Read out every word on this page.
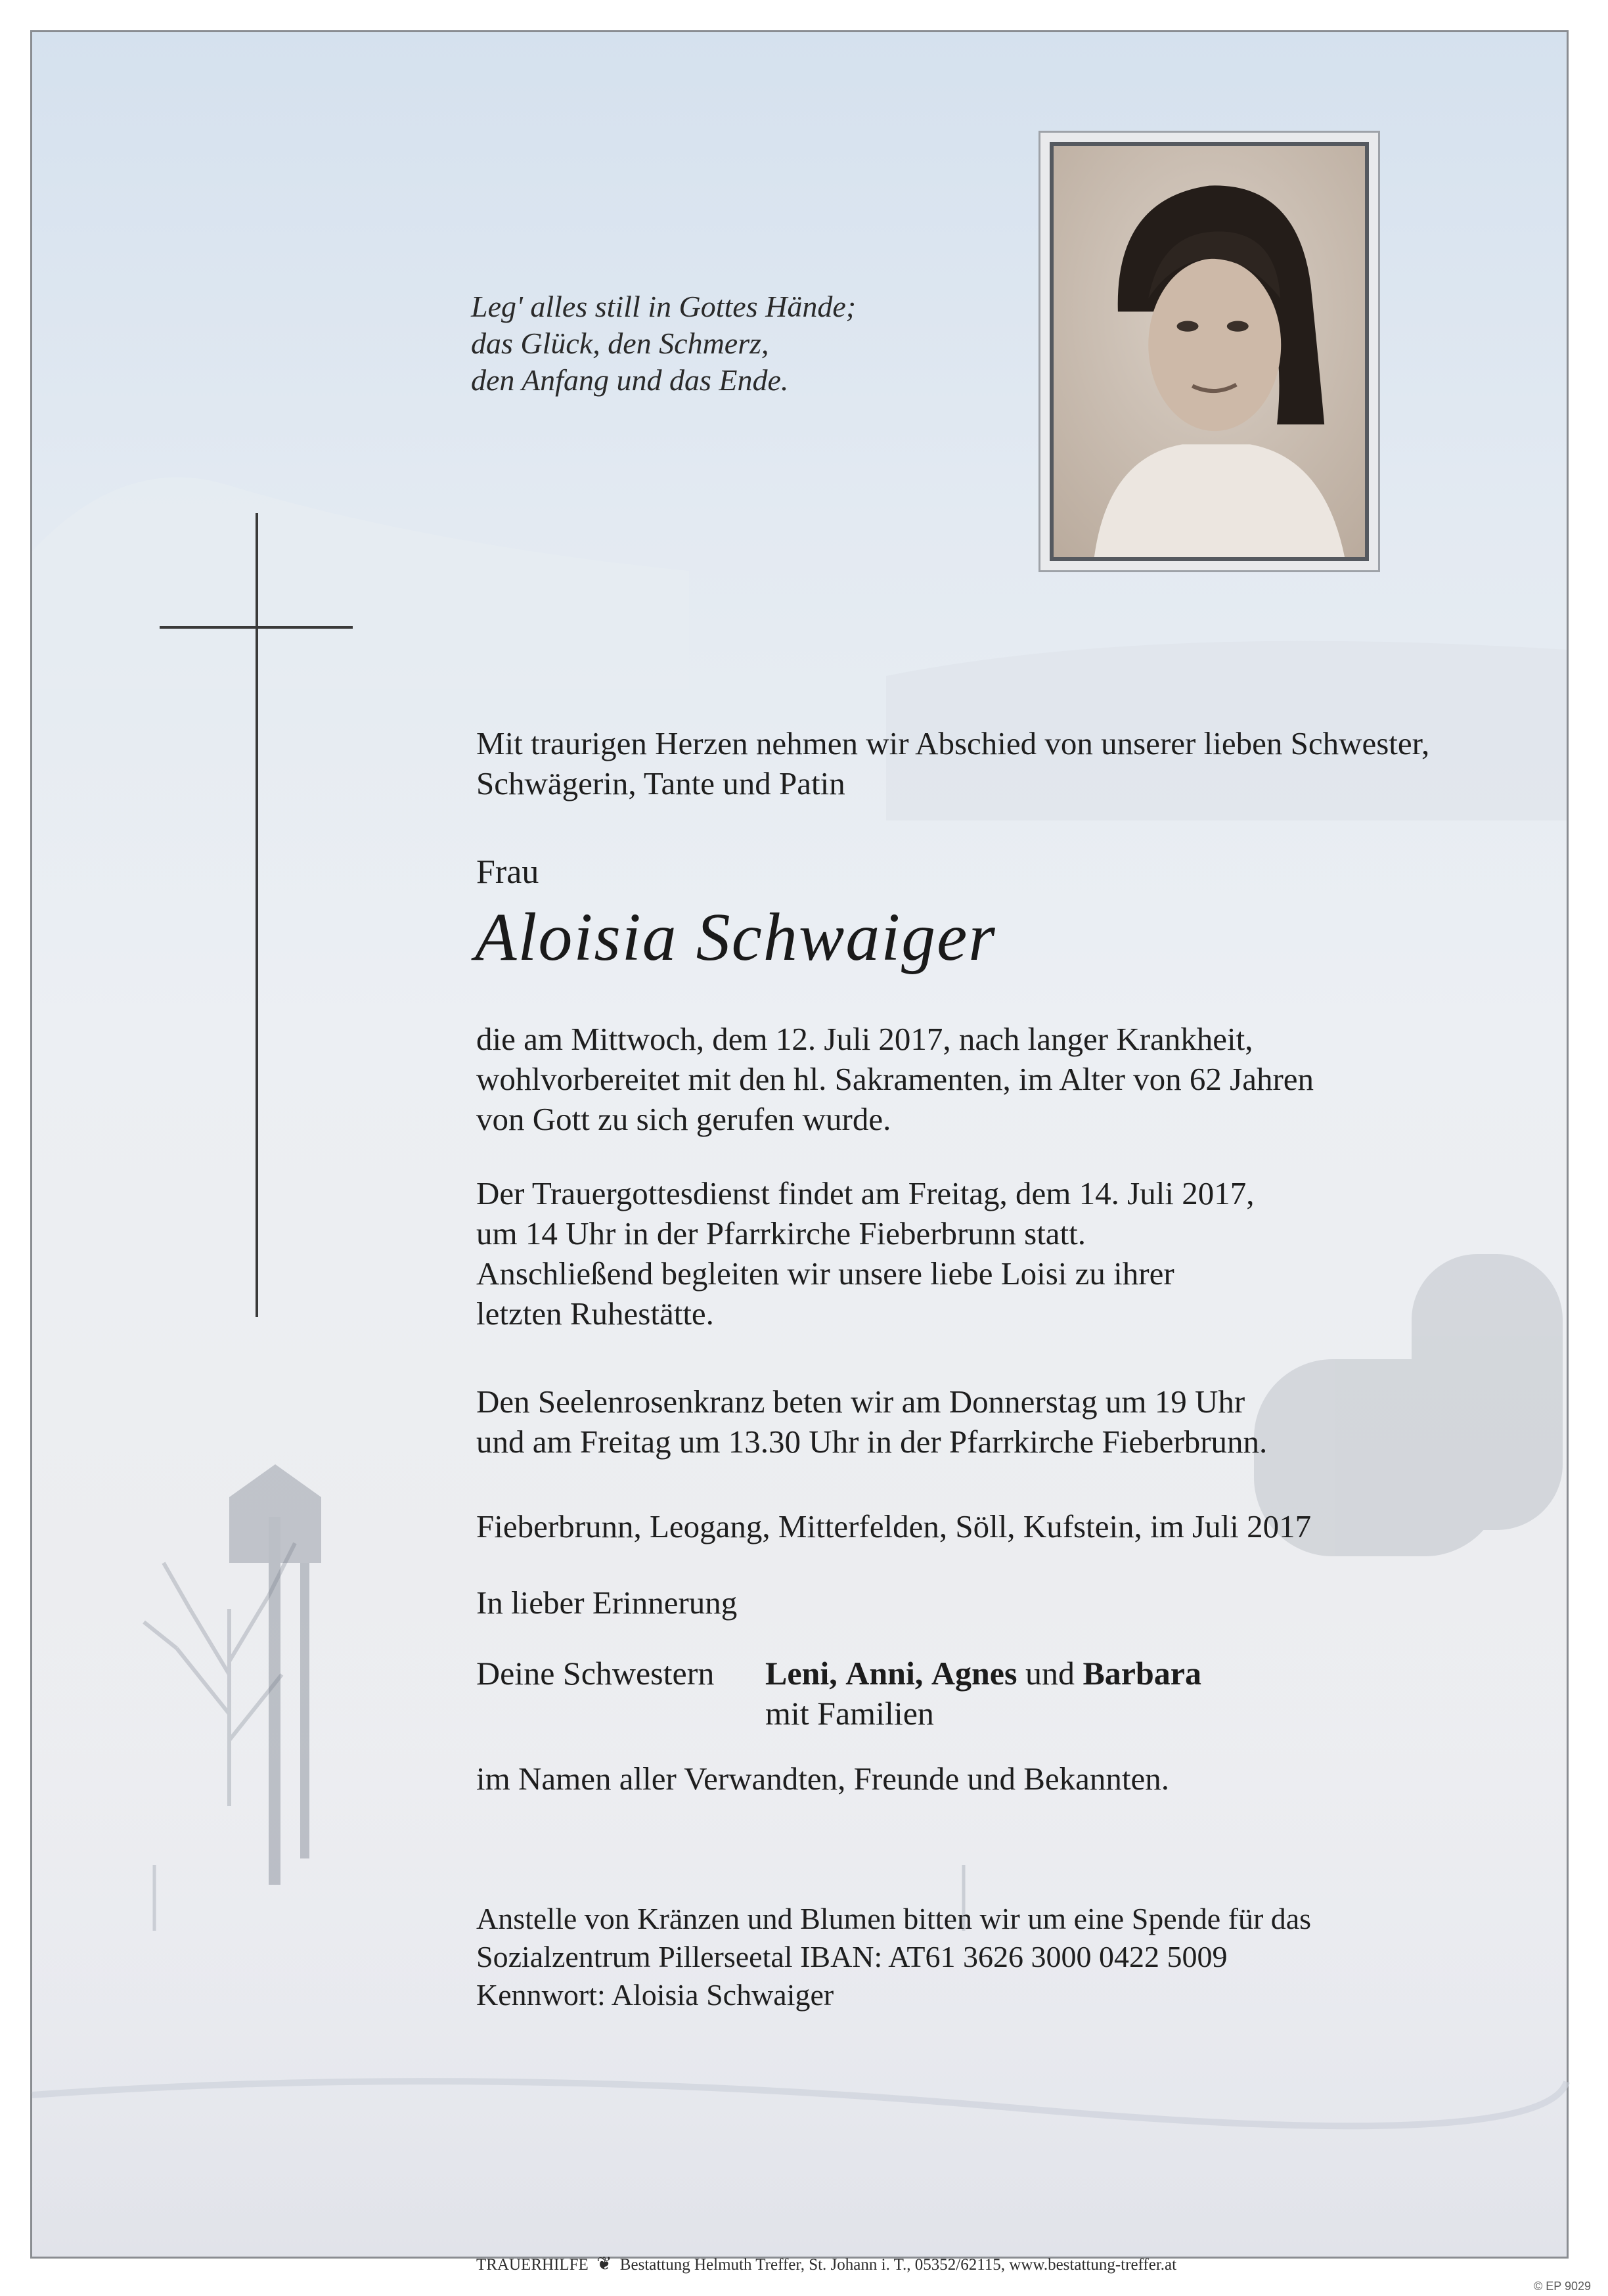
Leg' alles still in Gottes Hände;
das Glück, den Schmerz,
den Anfang und das Ende.
Mit traurigen Herzen nehmen wir Abschied von unserer lieben Schwester,
Schwägerin, Tante und Patin
Frau
Aloisia Schwaiger
die am Mittwoch, dem 12. Juli 2017, nach langer Krankheit,
wohlvorbereitet mit den hl. Sakramenten, im Alter von 62 Jahren
von Gott zu sich gerufen wurde.
Der Trauergottesdienst findet am Freitag, dem 14. Juli 2017,
um 14 Uhr in der Pfarrkirche Fieberbrunn statt.
Anschließend begleiten wir unsere liebe Loisi zu ihrer
letzten Ruhestätte.
Den Seelenrosenkranz beten wir am Donnerstag um 19 Uhr
und am Freitag um 13.30 Uhr in der Pfarrkirche Fieberbrunn.
Fieberbrunn, Leogang, Mitterfelden, Söll, Kufstein, im Juli 2017
In lieber Erinnerung
Deine Schwestern Leni, Anni, Agnes und Barbara
mit Familien
im Namen aller Verwandten, Freunde und Bekannten.
Anstelle von Kränzen und Blumen bitten wir um eine Spende für das
Sozialzentrum Pillerseetal IBAN: AT61 3626 3000 0422 5009
Kennwort: Aloisia Schwaiger
TRAUERHILFE ❦ Bestattung Helmuth Treffer, St. Johann i. T., 05352/62115, www.bestattung-treffer.at
© EP 9029
